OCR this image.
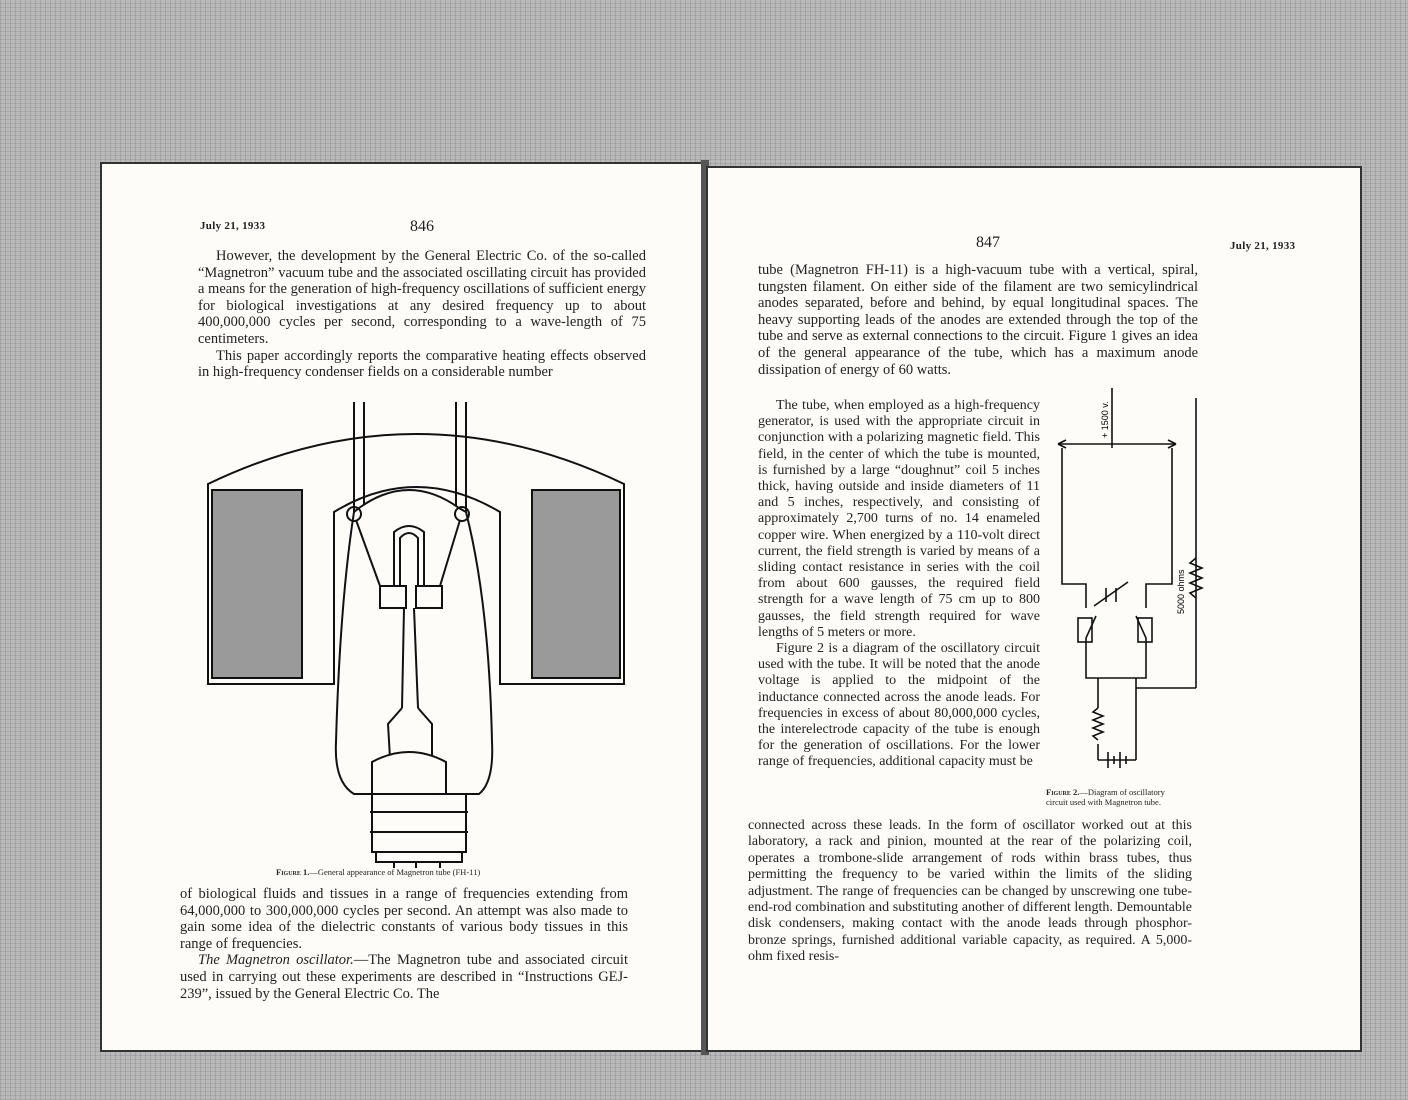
July 21, 1933	846

However, the development by the General Electric Co. of the so-called “Magnetron” vacuum tube and the associated oscillating circuit has provided a means for the generation of high-frequency oscillations of sufficient energy for biological investigations at any desired frequency up to about 400,000,000 cycles per second, corresponding to a wave-length of 75 centimeters.

This paper accordingly reports the comparative heating effects observed in high-frequency condenser fields on a considerable number

Figure 1.—General appearance of Magnetron tube (FH-11)

of biological fluids and tissues in a range of frequencies extending from 64,000,000 to 300,000,000 cycles per second. An attempt was also made to gain some idea of the dielectric constants of various body tissues in this range of frequencies.

The Magnetron oscillator.—The Magnetron tube and associated circuit used in carrying out these experiments are described in “Instructions GEJ-239”, issued by the General Electric Co. The

847	July 21, 1933

tube (Magnetron FH-11) is a high-vacuum tube with a vertical, spiral, tungsten filament. On either side of the filament are two semicylindrical anodes separated, before and behind, by equal longitudinal spaces. The heavy supporting leads of the anodes are extended through the top of the tube and serve as external connections to the circuit. Figure 1 gives an idea of the general appearance of the tube, which has a maximum anode dissipation of energy of 60 watts.

The tube, when employed as a high-frequency generator, is used with the appropriate circuit in conjunction with a polarizing magnetic field. This field, in the center of which the tube is mounted, is furnished by a large “doughnut” coil 5 inches thick, having outside and inside diameters of 11 and 5 inches, respectively, and consisting of approximately 2,700 turns of no. 14 enameled copper wire. When energized by a 110-volt direct current, the field strength is varied by means of a sliding contact resistance in series with the coil from about 600 gausses, the required field strength for a wave length of 75 cm up to 800 gausses, the field strength required for wave lengths of 5 meters or more.

Figure 2 is a diagram of the oscillatory circuit used with the tube. It will be noted that the anode voltage is applied to the midpoint of the inductance connected across the anode leads. For frequencies in excess of about 80,000,000 cycles, the interelectrode capacity of the tube is enough for the generation of oscillations. For the lower range of frequencies, additional capacity must be

+ 1500 v.
5000 ohms
Figure 2.—Diagram of oscillatory circuit used with Magnetron tube.

connected across these leads. In the form of oscillator worked out at this laboratory, a rack and pinion, mounted at the rear of the polarizing coil, operates a trombone-slide arrangement of rods within brass tubes, thus permitting the frequency to be varied within the limits of the sliding adjustment. The range of frequencies can be changed by unscrewing one tube-end-rod combination and substituting another of different length. Demountable disk condensers, making contact with the anode leads through phosphor-bronze springs, furnished additional variable capacity, as required. A 5,000-ohm fixed resis-
